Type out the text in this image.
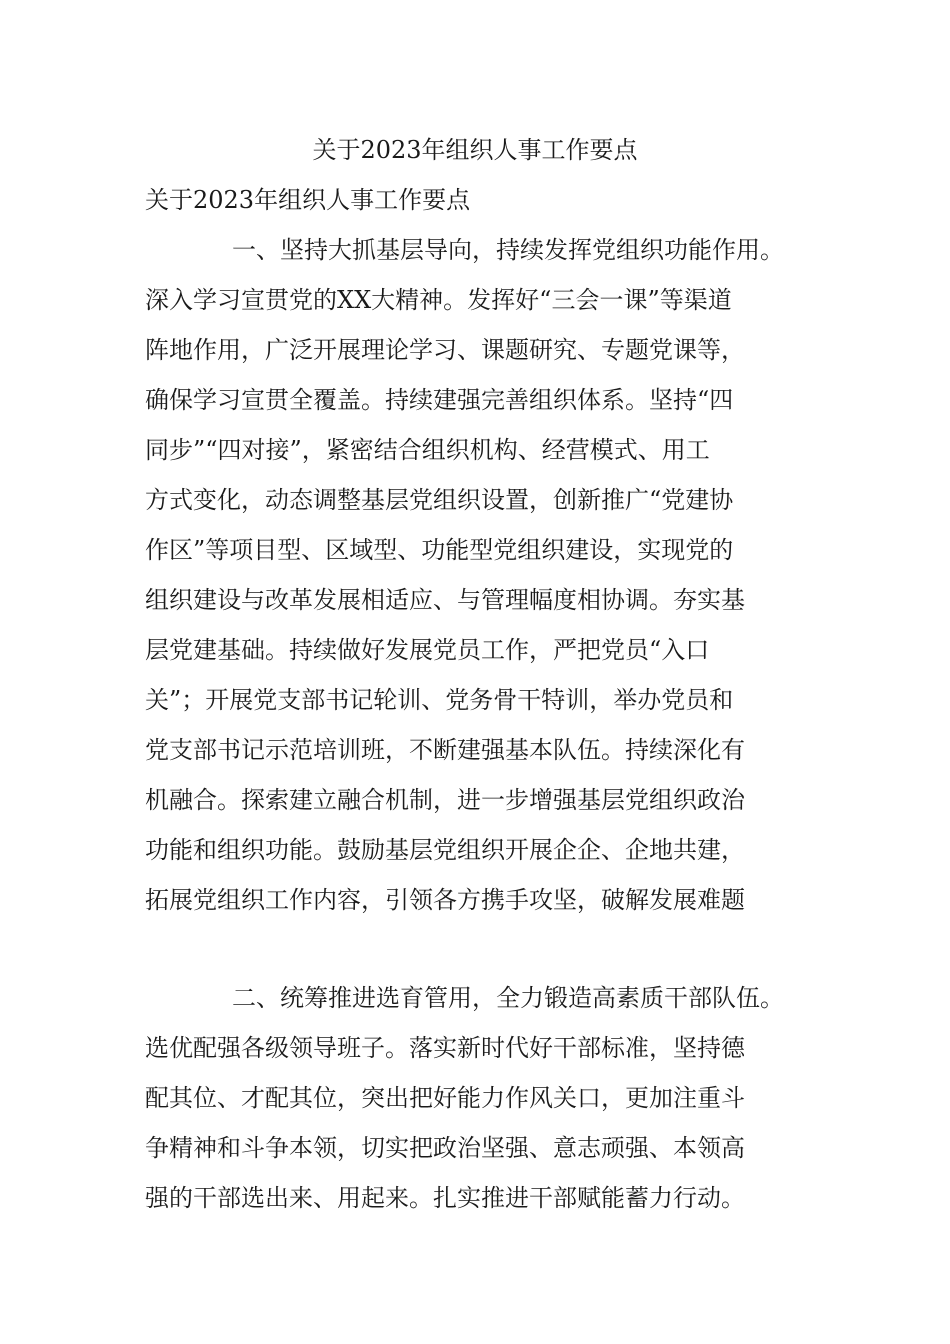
关于2023年组织人事工作要点
关于2023年组织人事工作要点
一、坚持大抓基层导向，持续发挥党组织功能作用。
深入学习宣贯党的XX大精神。发挥好“三会一课”等渠道
阵地作用，广泛开展理论学习、课题研究、专题党课等，
确保学习宣贯全覆盖。持续建强完善组织体系。坚持“四
同步”“四对接”，紧密结合组织机构、经营模式、用工
方式变化，动态调整基层党组织设置，创新推广“党建协
作区”等项目型、区域型、功能型党组织建设，实现党的
组织建设与改革发展相适应、与管理幅度相协调。夯实基
层党建基础。持续做好发展党员工作，严把党员“入口
关”；开展党支部书记轮训、党务骨干特训，举办党员和
党支部书记示范培训班，不断建强基本队伍。持续深化有
机融合。探索建立融合机制，进一步增强基层党组织政治
功能和组织功能。鼓励基层党组织开展企企、企地共建，
拓展党组织工作内容，引领各方携手攻坚，破解发展难题
二、统筹推进选育管用，全力锻造高素质干部队伍。
选优配强各级领导班子。落实新时代好干部标准，坚持德
配其位、才配其位，突出把好能力作风关口，更加注重斗
争精神和斗争本领，切实把政治坚强、意志顽强、本领高
强的干部选出来、用起来。扎实推进干部赋能蓄力行动。
